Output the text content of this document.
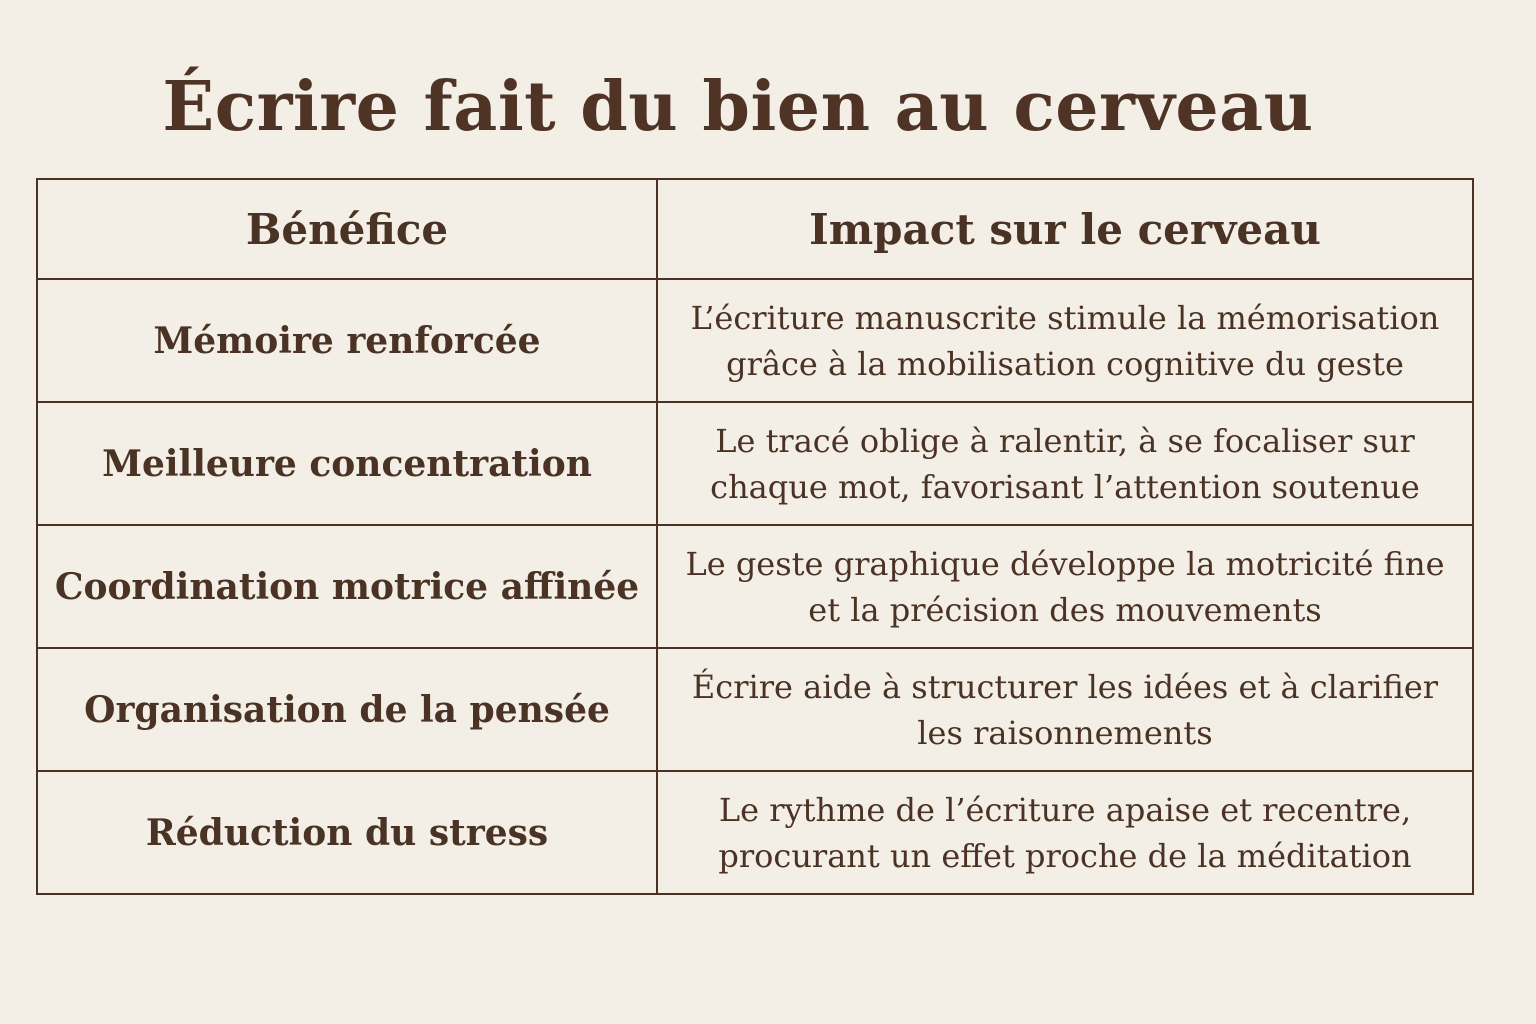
Écrire fait du bien au cerveau
Bénéfice	Impact sur le cerveau
Mémoire renforcée	L’écriture manuscrite stimule la mémorisation grâce à la mobilisation cognitive du geste
Meilleure concentration	Le tracé oblige à ralentir, à se focaliser sur chaque mot, favorisant l’attention soutenue
Coordination motrice affinée	Le geste graphique développe la motricité fine et la précision des mouvements
Organisation de la pensée	Écrire aide à structurer les idées et à clarifier les raisonnements
Réduction du stress	Le rythme de l’écriture apaise et recentre, procurant un effet proche de la méditation
